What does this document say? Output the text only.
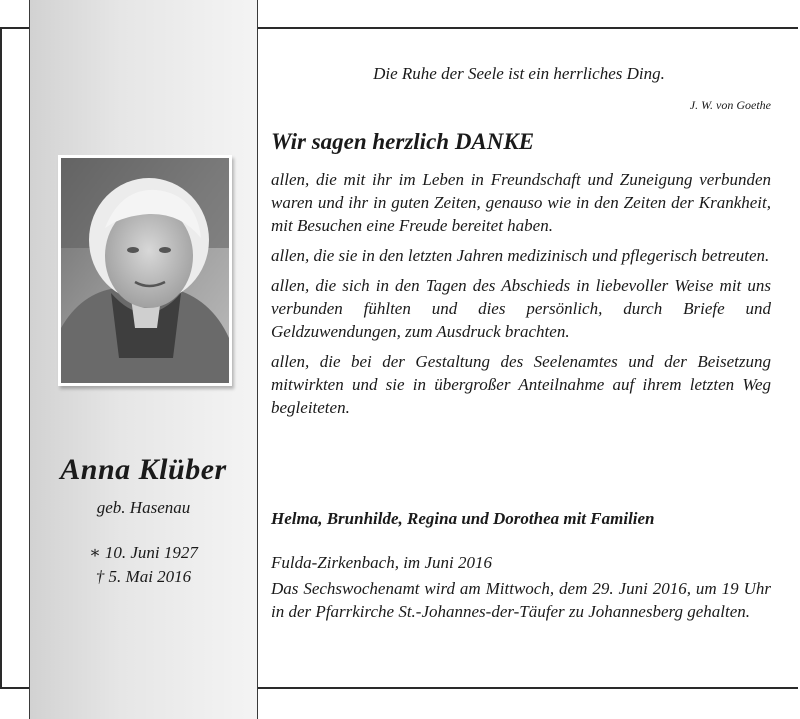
Anna Klüber
geb. Hasenau
∗ 10. Juni 1927
† 5. Mai 2016
Die Ruhe der Seele ist ein herrliches Ding.
J. W. von Goethe
Wir sagen herzlich DANKE

allen, die mit ihr im Leben in Freundschaft und Zuneigung verbunden waren und ihr in guten Zeiten, genauso wie in den Zeiten der Krankheit, mit Besuchen eine Freude bereitet haben.

allen, die sie in den letzten Jahren medizinisch und pflegerisch betreuten.

allen, die sich in den Tagen des Abschieds in liebevoller Weise mit uns verbunden fühlten und dies persönlich, durch Briefe und Geldzuwendungen, zum Ausdruck brachten.

allen, die bei der Gestaltung des Seelenamtes und der Beisetzung mitwirkten und sie in übergroßer Anteilnahme auf ihrem letzten Weg begleiteten.

Helma, Brunhilde, Regina und Dorothea mit Familien

Fulda-Zirkenbach, im Juni 2016

Das Sechswochenamt wird am Mittwoch, dem 29. Juni 2016, um 19 Uhr in der Pfarrkirche St.-Johannes-der-Täufer zu Johannesberg gehalten.
